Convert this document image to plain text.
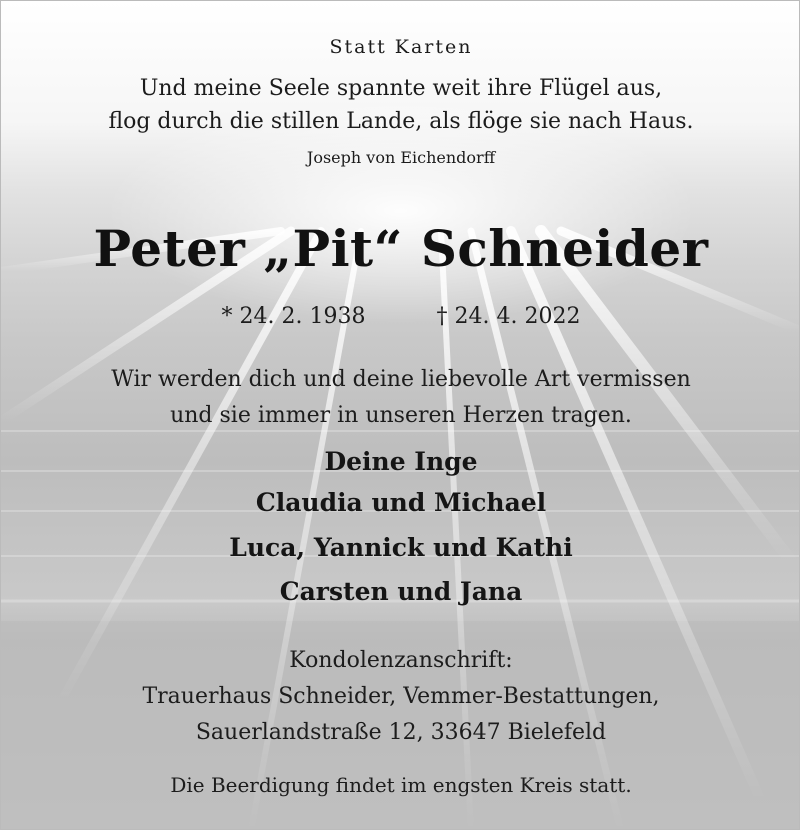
Statt Karten
Und meine Seele spannte weit ihre Flügel aus,
flog durch die stillen Lande, als flöge sie nach Haus.
Joseph von Eichendorff
Peter „Pit“ Schneider
* 24. 2. 1938	† 24. 4. 2022
Wir werden dich und deine liebevolle Art vermissen
und sie immer in unseren Herzen tragen.
Deine Inge
Claudia und Michael
Luca, Yannick und Kathi
Carsten und Jana
Kondolenzanschrift:
Trauerhaus Schneider, Vemmer-Bestattungen,
Sauerlandstraße 12, 33647 Bielefeld
Die Beerdigung findet im engsten Kreis statt.
